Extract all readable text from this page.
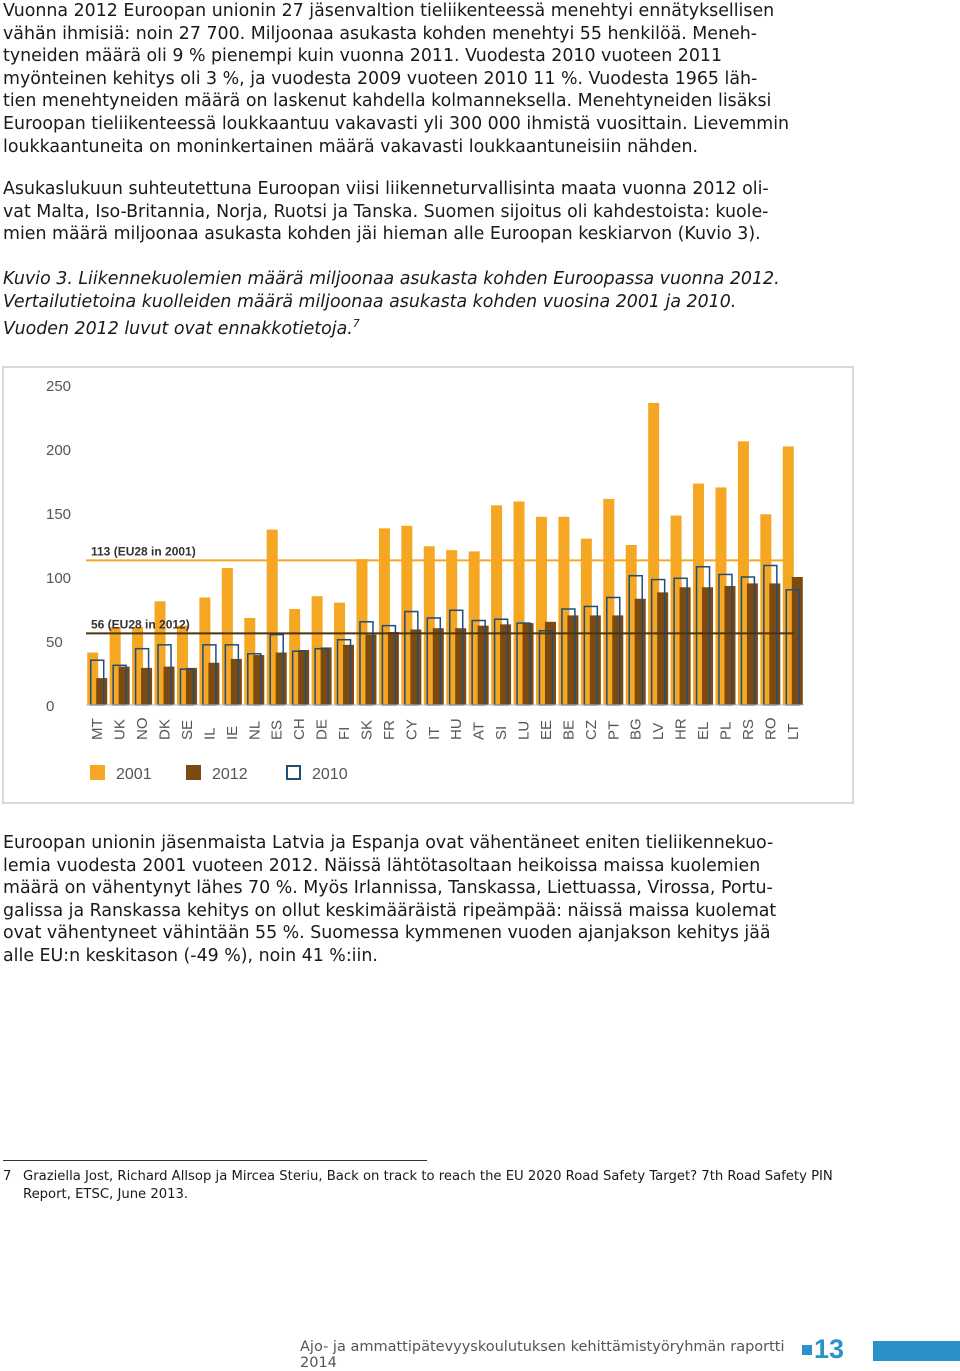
Vuonna 2012 Euroopan unionin 27 jäsenvaltion tieliikenteessä menehtyi ennätyksellisen
vähän ihmisiä: noin 27 700. Miljoonaa asukasta kohden menehtyi 55 henkilöä. Meneh-
tyneiden määrä oli 9 % pienempi kuin vuonna 2011. Vuodesta 2010 vuoteen 2011
myönteinen kehitys oli 3 %, ja vuodesta 2009 vuoteen 2010 11 %. Vuodesta 1965 läh-
tien menehtyneiden määrä on laskenut kahdella kolmanneksella. Menehtyneiden lisäksi
Euroopan tieliikenteessä loukkaantuu vakavasti yli 300 000 ihmistä vuosittain. Lievemmin
loukkaantuneita on moninkertainen määrä vakavasti loukkaantuneisiin nähden.

Asukaslukuun suhteutettuna Euroopan viisi liikenneturvallisinta maata vuonna 2012 oli-
vat Malta, Iso-Britannia, Norja, Ruotsi ja Tanska. Suomen sijoitus oli kahdestoista: kuole-
mien määrä miljoonaa asukasta kohden jäi hieman alle Euroopan keskiarvon (Kuvio 3).

Kuvio 3. Liikennekuolemien määrä miljoonaa asukasta kohden Euroopassa vuonna 2012.
Vertailutietoina kuolleiden määrä miljoonaa asukasta kohden vuosina 2001 ja 2010.
Vuoden 2012 luvut ovat ennakkotietoja.$^7$

0
50
100
150
200
250
MT UK NO DK SE IL IE NL ES CH DE FI SK FR CY IT HU AT SI LU EE BE CZ PT BG LV HR EL PL RS RO LT
113 (EU28 in 2001)
56 (EU28 in 2012)
2001	2012	2010

Euroopan unionin jäsenmaista Latvia ja Espanja ovat vähentäneet eniten tieliikennekuo-
lemia vuodesta 2001 vuoteen 2012. Näissä lähtötasoltaan heikoissa maissa kuolemien
määrä on vähentynyt lähes 70 %. Myös Irlannissa, Tanskassa, Liettuassa, Virossa, Portu-
galissa ja Ranskassa kehitys on ollut keskimääräistä ripeämpää: näissä maissa kuolemat
ovat vähentyneet vähintään 55 %. Suomessa kymmenen vuoden ajanjakson kehitys jää
alle EU:n keskitason (-49 %), noin 41 %:iin.

7 Graziella Jost, Richard Allsop ja Mircea Steriu, Back on track to reach the EU 2020 Road Safety Target? 7th Road Safety PIN
Report, ETSC, June 2013.
Ajo- ja ammattipätevyyskoulutuksen kehittämistyöryhmän raportti 2014	13
